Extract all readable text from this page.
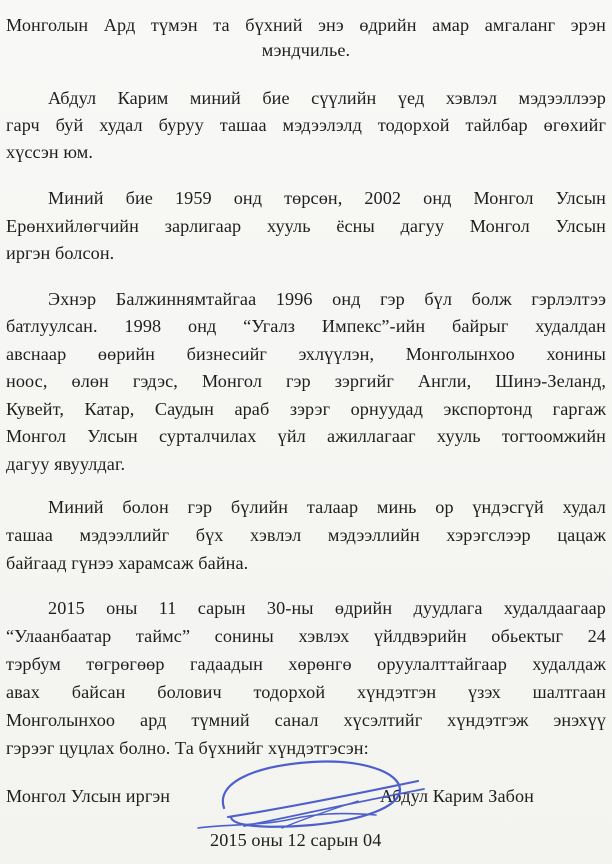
Монголын Ард түмэн та бүхний энэ өдрийн амар амгаланг эрэн
мэндчилье.
Абдул Карим миний бие сүүлийн үед хэвлэл мэдээллээр
гарч буй худал буруу ташаа мэдээлэлд тодорхой тайлбар өгөхийг
хүссэн юм.
Миний бие 1959 онд төрсөн, 2002 онд Монгол Улсын
Ерөнхийлөгчийн зарлигаар хууль ёсны дагуу Монгол Улсын
иргэн болсон.
Эхнэр Балжиннямтайгаа 1996 онд гэр бүл болж гэрлэлтээ
батлуулсан. 1998 онд “Угалз Импекс”-ийн байрыг худалдан
авснаар өөрийн бизнесийг эхлүүлэн, Монголынхоо хонины
ноос, өлөн гэдэс, Монгол гэр зэргийг Англи, Шинэ-Зеланд,
Кувейт, Катар, Саудын араб зэрэг орнуудад экспортонд гаргаж
Монгол Улсын сурталчилах үйл ажиллагааг хууль тогтоомжийн
дагуу явуулдаг.
Миний болон гэр бүлийн талаар минь ор үндэсгүй худал
ташаа мэдээллийг бүх хэвлэл мэдээллийн хэрэгслээр цацаж
байгаад гүнээ харамсаж байна.
2015 оны 11 сарын 30-ны өдрийн дуудлага худалдаагаар
“Улаанбаатар таймс” сонины хэвлэх үйлдвэрийн обьектыг 24
тэрбум төгрөгөөр гадаадын хөрөнгө оруулалттайгаар худалдаж
авах байсан болович тодорхой хүндэтгэн үзэх шалтгаан
Монголынхоо ард түмний санал хүсэлтийг хүндэтгэж энэхүү
гэрээг цуцлах болно. Та бүхнийг хүндэтгэсэн:
Монгол Улсын иргэн	Абдул Карим Забон
2015 оны 12 сарын 04
